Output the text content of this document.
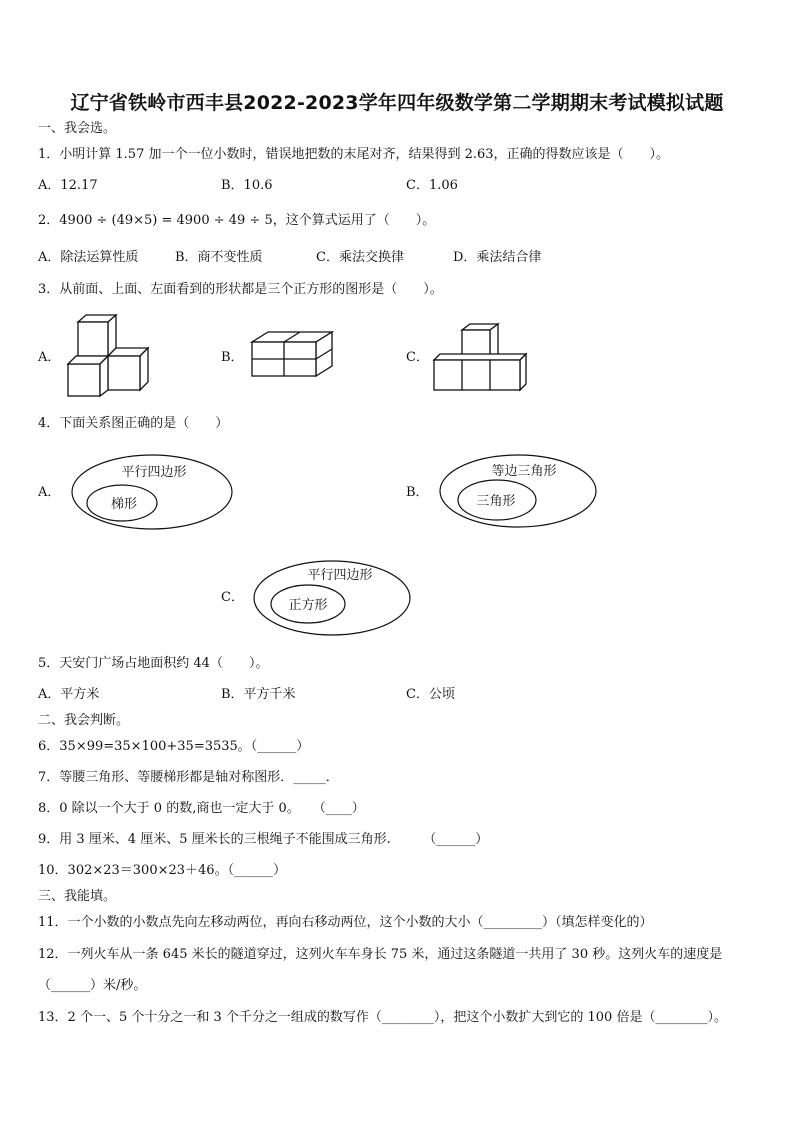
辽宁省铁岭市西丰县2022-2023学年四年级数学第二学期期末考试模拟试题
一、我会选。
1．小明计算 1.57 加一个一位小数时，错误地把数的末尾对齐，结果得到 2.63，正确的得数应该是（　　）。
A．12.17	B．10.6	C．1.06
2．4900 ÷ (49×5) = 4900 ÷ 49 ÷ 5，这个算式运用了（　　）。
A．除法运算性质	B．商不变性质	C．乘法交换律	D．乘法结合律
3．从前面、上面、左面看到的形状都是三个正方形的图形是（　　）。
A．	B．	C．
4．下面关系图正确的是（　　）
A．	B．
C．
平行四边形
梯形
等边三角形
三角形
平行四边形
正方形
5．天安门广场占地面积约 44（　　）。
A．平方米	B．平方千米	C．公顷
二、我会判断。
6．35×99=35×100+35=3535。（______）
7．等腰三角形、等腰梯形都是轴对称图形．_____．
8．0 除以一个大于 0 的数,商也一定大于 0。　　（____）
9．用 3 厘米、4 厘米、5 厘米长的三根绳子不能围成三角形.　　　（______）
10．302×23＝300×23＋46。（______）
三、我能填。
11．一个小数的小数点先向左移动两位，再向右移动两位，这个小数的大小（_________）（填怎样变化的）
12．一列火车从一条 645 米长的隧道穿过，这列火车车身长 75 米，通过这条隧道一共用了 30 秒。这列火车的速度是
（______）米/秒。
13．2 个一、5 个十分之一和 3 个千分之一组成的数写作（________），把这个小数扩大到它的 100 倍是（________）。
